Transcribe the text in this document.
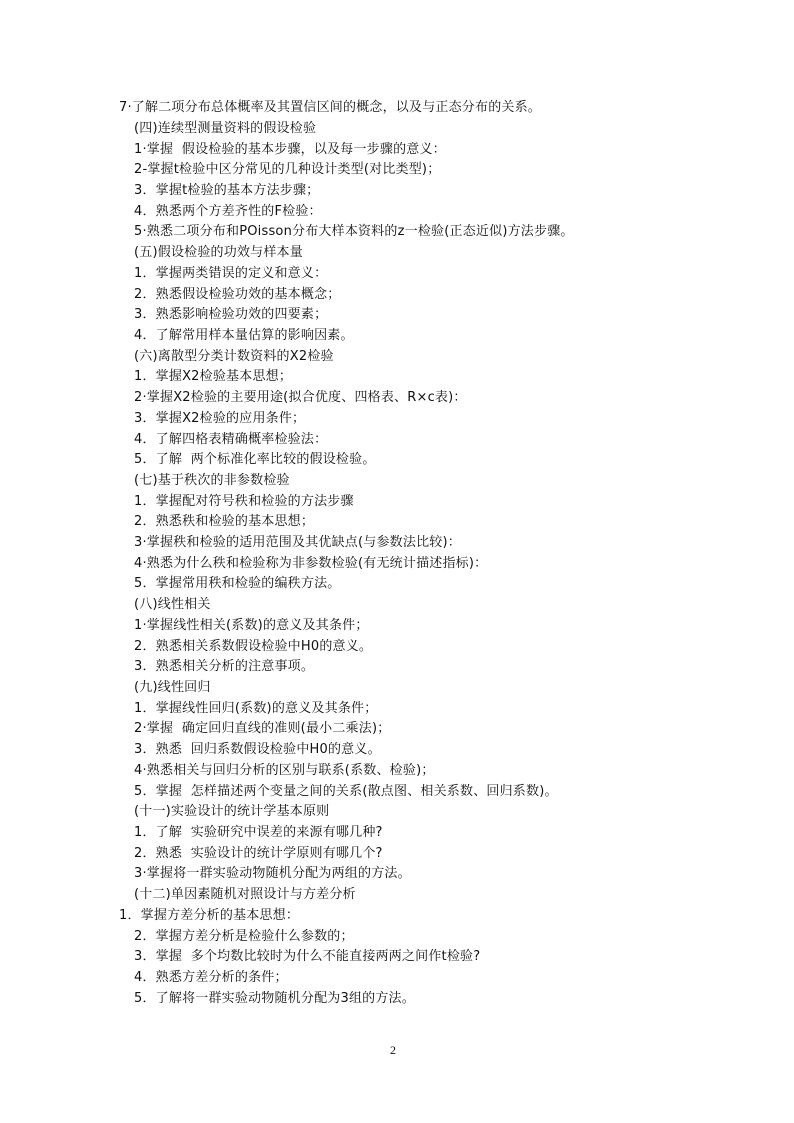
7·了解二项分布总体概率及其置信区间的概念，以及与正态分布的关系。
(四)连续型测量资料的假设检验
1·掌握  假设检验的基本步骤，以及每一步骤的意义：
2-掌握t检验中区分常见的几种设计类型(对比类型)；
3．掌握t检验的基本方法步骤；
4．熟悉两个方差齐性的F检验：
5·熟悉二项分布和POisson分布大样本资料的z一检验(正态近似)方法步骤。
(五)假设检验的功效与样本量
1．掌握两类错误的定义和意义：
2．熟悉假设检验功效的基本概念；
3．熟悉影响检验功效的四要素；
4．了解常用样本量估算的影响因素。
(六)离散型分类计数资料的X2检验
1．掌握X2检验基本思想；
2·掌握X2检验的主要用途(拟合优度、四格表、R×c表)：
3．掌握X2检验的应用条件；
4．了解四格表精确概率检验法：
5．了解  两个标准化率比较的假设检验。
(七)基于秩次的非参数检验
1．掌握配对符号秩和检验的方法步骤
2．熟悉秩和检验的基本思想；
3·掌握秩和检验的适用范围及其优缺点(与参数法比较)：
4·熟悉为什么秩和检验称为非参数检验(有无统计描述指标)：
5．掌握常用秩和检验的编秩方法。
(八)线性相关
1·掌握线性相关(系数)的意义及其条件；
2．熟悉相关系数假设检验中H0的意义。
3．熟悉相关分析的注意事项。
(九)线性回归
1．掌握线性回归(系数)的意义及其条件；
2·掌握  确定回归直线的准则(最小二乘法)；
3．熟悉  回归系数假设检验中H0的意义。
4·熟悉相关与回归分析的区别与联系(系数、检验)；
5．掌握  怎样描述两个变量之间的关系(散点图、相关系数、回归系数)。
(十一)实验设计的统计学基本原则
1．了解  实验研究中误差的来源有哪几种?
2．熟悉  实验设计的统计学原则有哪几个?
3·掌握将一群实验动物随机分配为两组的方法。
(十二)单因素随机对照设计与方差分析
1．掌握方差分析的基本思想：
2．掌握方差分析是检验什么参数的；
3．掌握  多个均数比较时为什么不能直接两两之间作t检验?
4．熟悉方差分析的条件；
5．了解将一群实验动物随机分配为3组的方法。
2
